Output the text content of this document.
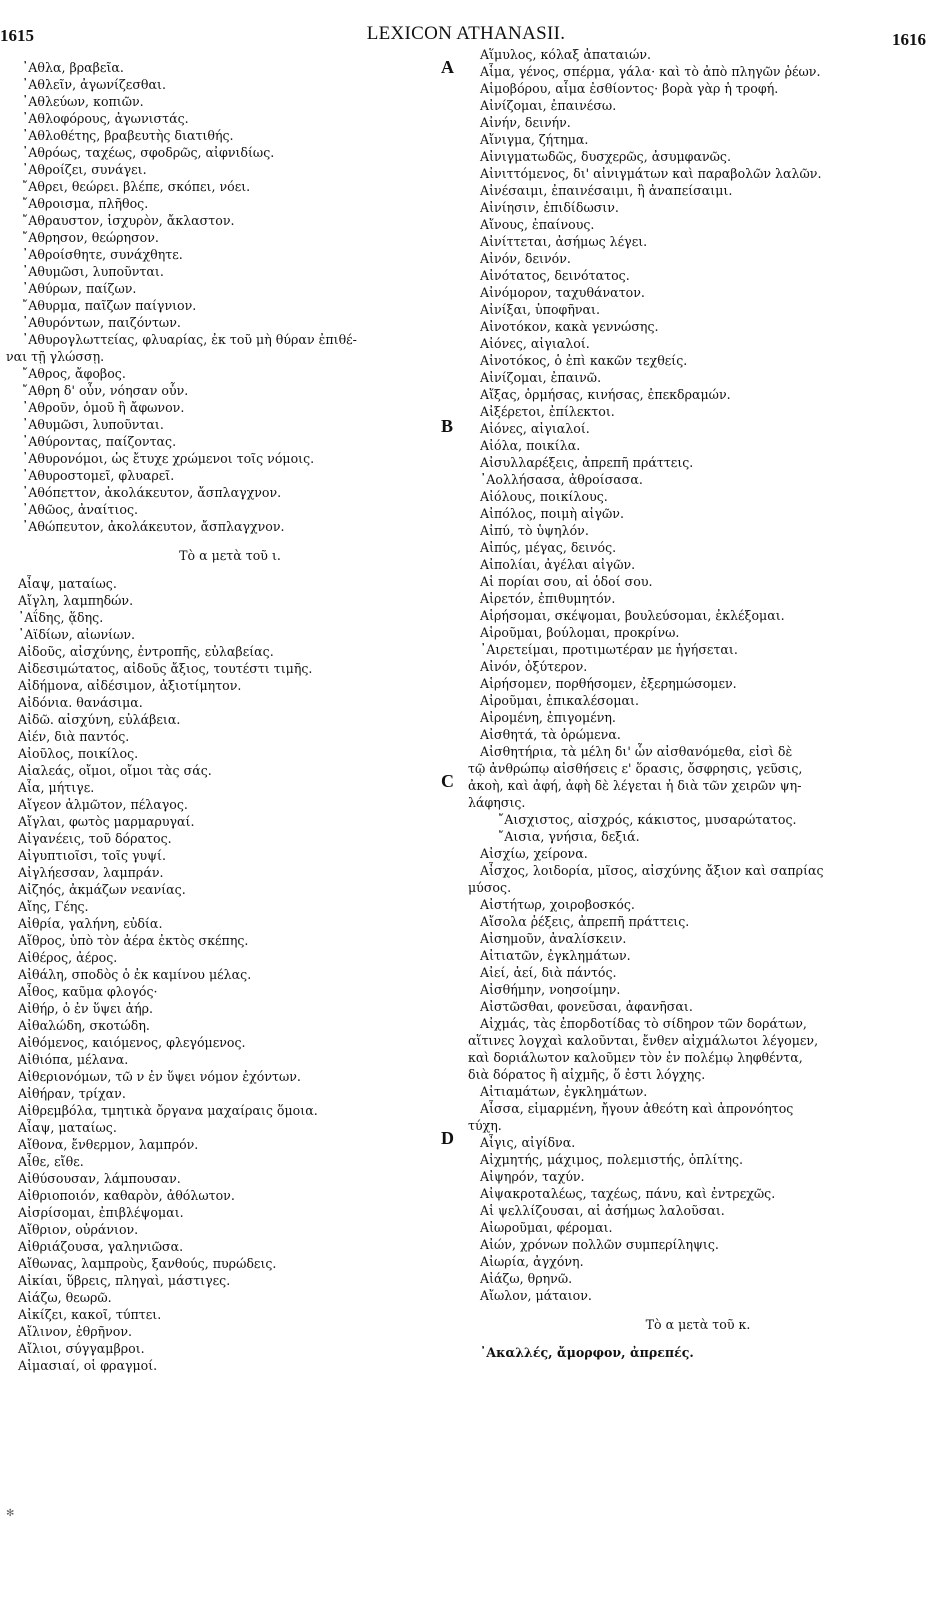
1615	LEXICON ATHANASII.	1616
A
B
C
D
᾿Αθλα, βραβεῖα.
᾿Αθλεῖν, ἀγωνίζεσθαι.
᾿Αθλεύων, κοπιῶν.
᾿Αθλοφόρους, ἀγωνιστάς.
᾿Αθλοθέτης, βραβευτὴς διατιθής.
᾿Αθρόως, ταχέως, σφοδρῶς, αἰφνιδίως.
᾿Αθροίζει, συνάγει.
῎Αθρει, θεώρει. βλέπε, σκόπει, νόει.
῎Αθροισμα, πλῆθος.
῎Αθραυστον, ἰσχυρὸν, ἄκλαστον.
῎Αθρησον, θεώρησον.
᾿Αθροίσθητε, συνάχθητε.
᾿Αθυμῶσι, λυποῦνται.
᾿Αθύρων, παίζων.
῎Αθυρμα, παῖζων παίγνιον.
᾿Αθυρόντων, παιζόντων.
᾿Αθυρογλωττείας, φλυαρίας, ἐκ τοῦ μὴ θύραν ἐπιθέ-
ναι τῇ γλώσσῃ.
῎Αθρος, ἄφοβος.
῎Αθρη δ' οὖν, νόησαν οὖν.
᾿Αθροῦν, ὁμοῦ ἢ ἄφωνον.
᾿Αθυμῶσι, λυποῦνται.
᾿Αθύροντας, παίζοντας.
᾿Αθυρονόμοι, ὡς ἔτυχε χρώμενοι τοῖς νόμοις.
᾿Αθυροστομεῖ, φλυαρεῖ.
᾿Αθόπεττον, ἀκολάκευτον, ἄσπλαγχνον.
᾿Αθῶος, ἀναίτιος.
᾿Αθώπευτον, ἀκολάκευτον, ἄσπλαγχνον.
Τὸ α μετὰ τοῦ ι.
Αἶαψ, ματαίως.
Αἴγλη, λαμπηδών.
᾿Αΐδης, ᾅδης.
᾿Αϊδίων, αἰωνίων.
Αἰδοῦς, αἰσχύνης, ἐντροπῆς, εὐλαβείας.
Αἰδεσιμώτατος, αἰδοῦς ἄξιος, τουτέστι τιμῆς.
Αἰδήμονα, αἰδέσιμον, ἀξιοτίμητον.
Αἰδόνια. θανάσιμα.
Αἰδῶ. αἰσχύνη, εὐλάβεια.
Αἰέν, διὰ παντός.
Αἰοῦλος, ποικίλος.
Αἰαλεάς, οἴμοι, οἴμοι τὰς σάς.
Αἶα, μήτιγε.
Αἴγεον ἁλμῶτον, πέλαγος.
Αἴγλαι, φωτὸς μαρμαρυγαί.
Αἰγανέεις, τοῦ δόρατος.
Αἰγυπτιοῖσι, τοῖς γυψί.
Αἰγλήεσσαν, λαμπράν.
Αἰζηός, ἀκμάζων νεανίας.
Αἴης, Γέης.
Αἰθρία, γαλήνη, εὐδία.
Αἴθρος, ὑπὸ τὸν ἀέρα ἐκτὸς σκέπης.
Αἰθέρος, ἀέρος.
Αἰθάλη, σποδὸς ὁ ἐκ καμίνου μέλας.
Αἶθος, καῦμα φλογός·
Αἰθήρ, ὁ ἐν ὕψει ἀήρ.
Αἰθαλώδη, σκοτώδη.
Αἰθόμενος, καιόμενος, φλεγόμενος.
Αἰθιόπα, μέλανα.
Αἰθεριονόμων, τῶ ν ἐν ὕψει νόμον ἐχόντων.
Αἰθήραν, τρίχαν.
Αἰθρεμβόλα, τμητικὰ ὄργανα μαχαίραις ὅμοια.
Αἶαψ, ματαίως.
Αἴθονα, ἔνθερμον, λαμπρόν.
Αἶθε, εἴθε.
Αἰθύσουσαν, λάμπουσαν.
Αἰθριοποιόν, καθαρὸν, ἀθόλωτον.
Αἰσρίσομαι, ἐπιβλέψομαι.
Αἴθριον, οὐράνιον.
Αἰθριάζουσα, γαληνιῶσα.
Αἴθωνας, λαμπροὺς, ξανθούς, πυρώδεις.
Αἰκίαι, ὕβρεις, πληγαὶ, μάστιγες.
Αἰάζω, θεωρῶ.
Αἰκίζει, κακοῖ, τύπτει.
Αἴλινον, ἐθρῆνον.
Αἴλιοι, σύγγαμβροι.
Αἱμασιαί, οἱ φραγμοί.
Αἵμυλος, κόλαξ ἀπαταιών.
Αἷμα, γένος, σπέρμα, γάλα· καὶ τὸ ἀπὸ πληγῶν ῥέων.
Αἱμοβόρου, αἷμα ἐσθίοντος· βορὰ γὰρ ἡ τροφή.
Αἰνίζομαι, ἐπαινέσω.
Αἰνήν, δεινήν.
Αἴνιγμα, ζήτημα.
Αἰνιγματωδῶς, δυσχερῶς, ἀσυμφανῶς.
Αἰνιττόμενος, δι' αἰνιγμάτων καὶ παραβολῶν λαλῶν.
Αἰνέσαιμι, ἐπαινέσαιμι, ἢ ἀναπείσαιμι.
Αἰνίησιν, ἐπιδίδωσιν.
Αἴνους, ἐπαίνους.
Αἰνίττεται, ἀσήμως λέγει.
Αἰνόν, δεινόν.
Αἰνότατος, δεινότατος.
Αἰνόμορον, ταχυθάνατον.
Αἰνίξαι, ὑποφῆναι.
Αἰνοτόκον, κακὰ γεννώσης.
Αἰόνες, αἰγιαλοί.
Αἰνοτόκος, ὁ ἐπὶ κακῶν τεχθείς.
Αἰνίζομαι, ἐπαινῶ.
Αἴξας, ὁρμήσας, κινήσας, ἐπεκδραμών.
Αἰξέρετοι, ἐπίλεκτοι.
Αἰόνες, αἰγιαλοί.
Αἰόλα, ποικίλα.
Αἰσυλλαρέξεις, ἀπρεπῆ πράττεις.
᾿Αολλήσασα, ἀθροίσασα.
Αἰόλους, ποικίλους.
Αἰπόλος, ποιμὴ αἰγῶν.
Αἰπύ, τὸ ὑψηλόν.
Αἰπύς, μέγας, δεινός.
Αἰπολίαι, ἀγέλαι αἰγῶν.
Αἱ πορίαι σου, αἱ ὁδοί σου.
Αἱρετόν, ἐπιθυμητόν.
Αἱρήσομαι, σκέψομαι, βουλεύσομαι, ἐκλέξομαι.
Αἱροῦμαι, βούλομαι, προκρίνω.
᾿Αιρετείμαι, προτιμωτέραν με ἡγήσεται.
Αἰνόν, ὀξύτερον.
Αἱρήσομεν, πορθήσομεν, ἐξερημώσομεν.
Αἰροῦμαι, ἐπικαλέσομαι.
Αἰρομένη, ἐπιγομένη.
Αἰσθητά, τὰ ὁρώμενα.
Αἰσθητήρια, τὰ μέλη δι' ὧν αἰσθανόμεθα, εἰσὶ δὲ
τῷ ἀνθρώπῳ αἰσθήσεις ε' ὅρασις, ὄσφρησις, γεῦσις,
ἀκοὴ, καὶ ἀφή, ἀφὴ δὲ λέγεται ἡ διὰ τῶν χειρῶν ψη-
λάφησις.
῎Αισχιστος, αἰσχρός, κάκιστος, μυσαρώτατος.
῎Αισια, γνήσια, δεξιά.
Αἰσχίω, χείρονα.
Αἶσχος, λοιδορία, μῖσος, αἰσχύνης ἄξιον καὶ σαπρίας
μύσος.
Αἰστήτωρ, χοιροβοσκός.
Αἴσολα ῥέξεις, ἀπρεπῆ πράττεις.
Αἰσημοῦν, ἀναλίσκειν.
Αἰτιατῶν, ἐγκλημάτων.
Αἰεί, ἀεί, διὰ πάντός.
Αἰσθήμην, νοησοίμην.
Αἰστῶσθαι, φονεῦσαι, ἀφανῆσαι.
Αἰχμάς, τὰς ἐπορδοτίδας τὸ σίδηρον τῶν δοράτων,
αἵτινες λογχαὶ καλοῦνται, ἔνθεν αἰχμάλωτοι λέγομεν,
καὶ δοριάλωτον καλοῦμεν τὸν ἐν πολέμῳ ληφθέντα,
διὰ δόρατος ἢ αἰχμῆς, ὅ ἐστι λόγχης.
Αἰτιαμάτων, ἐγκλημάτων.
Αἶσσα, εἱμαρμένη, ἤγουν ἀθεότη καὶ ἀπρονόητος
τύχη.
Αἶγις, αἰγίδνα.
Αἰχμητής, μάχιμος, πολεμιστής, ὁπλίτης.
Αἰψηρόν, ταχύν.
Αἰψακροταλέως, ταχέως, πάνυ, καὶ ἐντρεχῶς.
Αἱ ψελλίζουσαι, αἱ ἀσήμως λαλοῦσαι.
Αἰωροῦμαι, φέρομαι.
Αἰών, χρόνων πολλῶν συμπερίληψις.
Αἰωρία, ἀγχόνη.
Αἰάζω, θρηνῶ.
Αἴωλον, μάταιον.
Τὸ α μετὰ τοῦ κ.
᾿Ακαλλές, ἄμορφον, ἀπρεπές.
✻
